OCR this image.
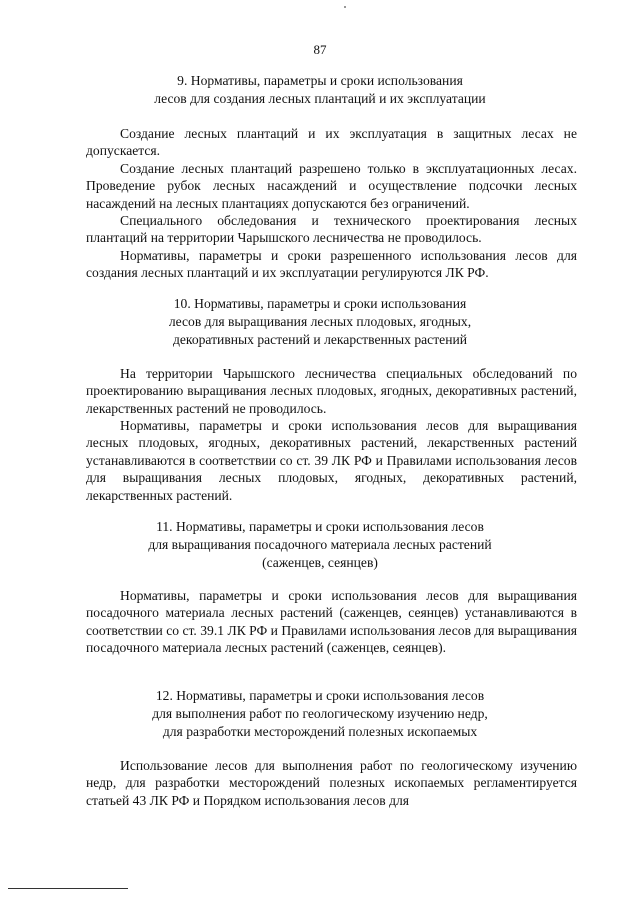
87
9. Нормативы, параметры и сроки использования
лесов для создания лесных плантаций и их эксплуатации

Создание лесных плантаций и их эксплуатация в защитных лесах не допускается.

Создание лесных плантаций разрешено только в эксплуатационных лесах. Проведение рубок лесных насаждений и осуществление подсочки лесных насаждений на лесных плантациях допускаются без ограничений.

Специального обследования и технического проектирования лесных плантаций на территории Чарышского лесничества не проводилось.

Нормативы, параметры и сроки разрешенного использования лесов для создания лесных плантаций и их эксплуатации регулируются ЛК РФ.

10. Нормативы, параметры и сроки использования
лесов для выращивания лесных плодовых, ягодных,
декоративных растений и лекарственных растений

На территории Чарышского лесничества специальных обследований по проектированию выращивания лесных плодовых, ягодных, декоративных растений, лекарственных растений не проводилось.

Нормативы, параметры и сроки использования лесов для выращивания лесных плодовых, ягодных, декоративных растений, лекарственных растений устанавливаются в соответствии со ст. 39 ЛК РФ и Правилами использования лесов для выращивания лесных плодовых, ягодных, декоративных растений, лекарственных растений.

11. Нормативы, параметры и сроки использования лесов
для выращивания посадочного материала лесных растений
(саженцев, сеянцев)

Нормативы, параметры и сроки использования лесов для выращивания посадочного материала лесных растений (саженцев, сеянцев) устанавливаются в соответствии со ст. 39.1 ЛК РФ и Правилами использования лесов для выращивания посадочного материала лесных растений (саженцев, сеянцев).

12. Нормативы, параметры и сроки использования лесов
для выполнения работ по геологическому изучению недр,
для разработки месторождений полезных ископаемых

Использование лесов для выполнения работ по геологическому изучению недр, для разработки месторождений полезных ископаемых регламентируется статьей 43 ЛК РФ и Порядком использования лесов для
